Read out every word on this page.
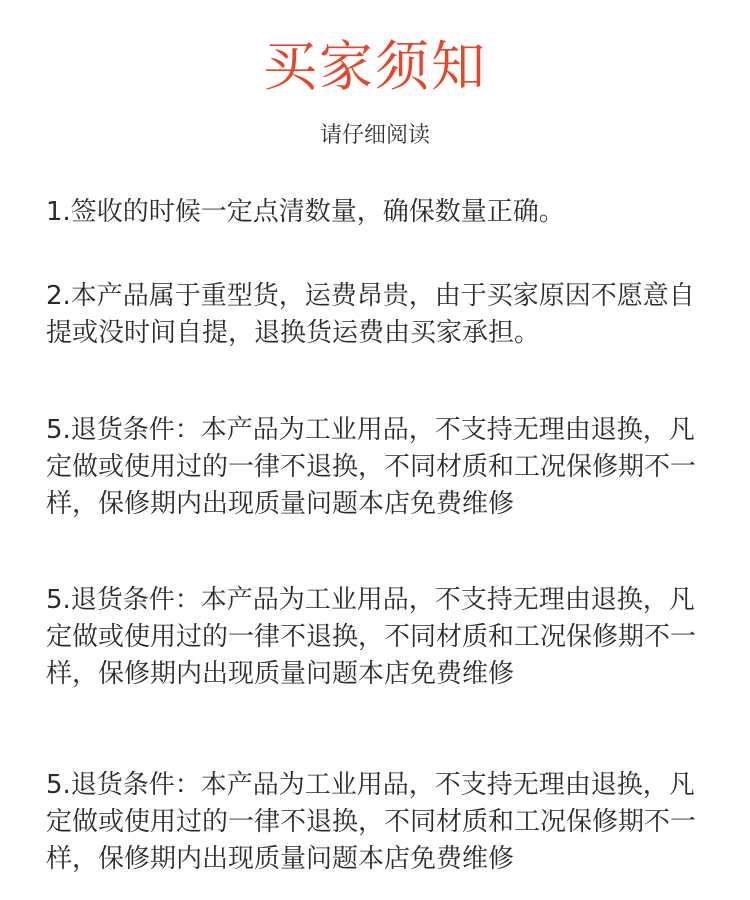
买家须知
请仔细阅读

1.签收的时候一定点清数量，确保数量正确。

2.本产品属于重型货，运费昂贵，由于买家原因不愿意自提或没时间自提，退换货运费由买家承担。

5.退货条件：本产品为工业用品，不支持无理由退换，凡定做或使用过的一律不退换，不同材质和工况保修期不一样，保修期内出现质量问题本店免费维修

5.退货条件：本产品为工业用品，不支持无理由退换，凡定做或使用过的一律不退换，不同材质和工况保修期不一样，保修期内出现质量问题本店免费维修

5.退货条件：本产品为工业用品，不支持无理由退换，凡定做或使用过的一律不退换，不同材质和工况保修期不一样，保修期内出现质量问题本店免费维修
